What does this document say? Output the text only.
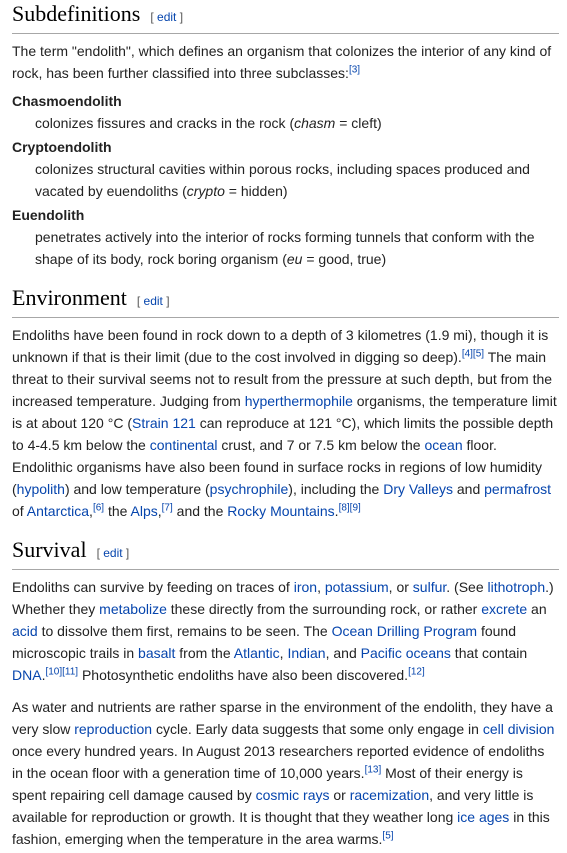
Subdefinitions [ edit ]

The term "endolith", which defines an organism that colonizes the interior of any kind of rock, has been further classified into three subclasses:[3]

Chasmoendolith
colonizes fissures and cracks in the rock (chasm = cleft)
Cryptoendolith
colonizes structural cavities within porous rocks, including spaces produced and vacated by euendoliths (crypto = hidden)
Euendolith
penetrates actively into the interior of rocks forming tunnels that conform with the shape of its body, rock boring organism (eu = good, true)
Environment [ edit ]

Endoliths have been found in rock down to a depth of 3 kilometres (1.9 mi), though it is unknown if that is their limit (due to the cost involved in digging so deep).[4][5] The main threat to their survival seems not to result from the pressure at such depth, but from the increased temperature. Judging from hyperthermophile organisms, the temperature limit is at about 120 °C (Strain 121 can reproduce at 121 °C), which limits the possible depth to 4-4.5 km below the continental crust, and 7 or 7.5 km below the ocean floor. Endolithic organisms have also been found in surface rocks in regions of low humidity (hypolith) and low temperature (psychrophile), including the Dry Valleys and permafrost of Antarctica,[6] the Alps,[7] and the Rocky Mountains.[8][9]

Survival [ edit ]

Endoliths can survive by feeding on traces of iron, potassium, or sulfur. (See lithotroph.) Whether they metabolize these directly from the surrounding rock, or rather excrete an acid to dissolve them first, remains to be seen. The Ocean Drilling Program found microscopic trails in basalt from the Atlantic, Indian, and Pacific oceans that contain DNA.[10][11] Photosynthetic endoliths have also been discovered.[12]

As water and nutrients are rather sparse in the environment of the endolith, they have a very slow reproduction cycle. Early data suggests that some only engage in cell division once every hundred years. In August 2013 researchers reported evidence of endoliths in the ocean floor with a generation time of 10,000 years.[13] Most of their energy is spent repairing cell damage caused by cosmic rays or racemization, and very little is available for reproduction or growth. It is thought that they weather long ice ages in this fashion, emerging when the temperature in the area warms.[5]
